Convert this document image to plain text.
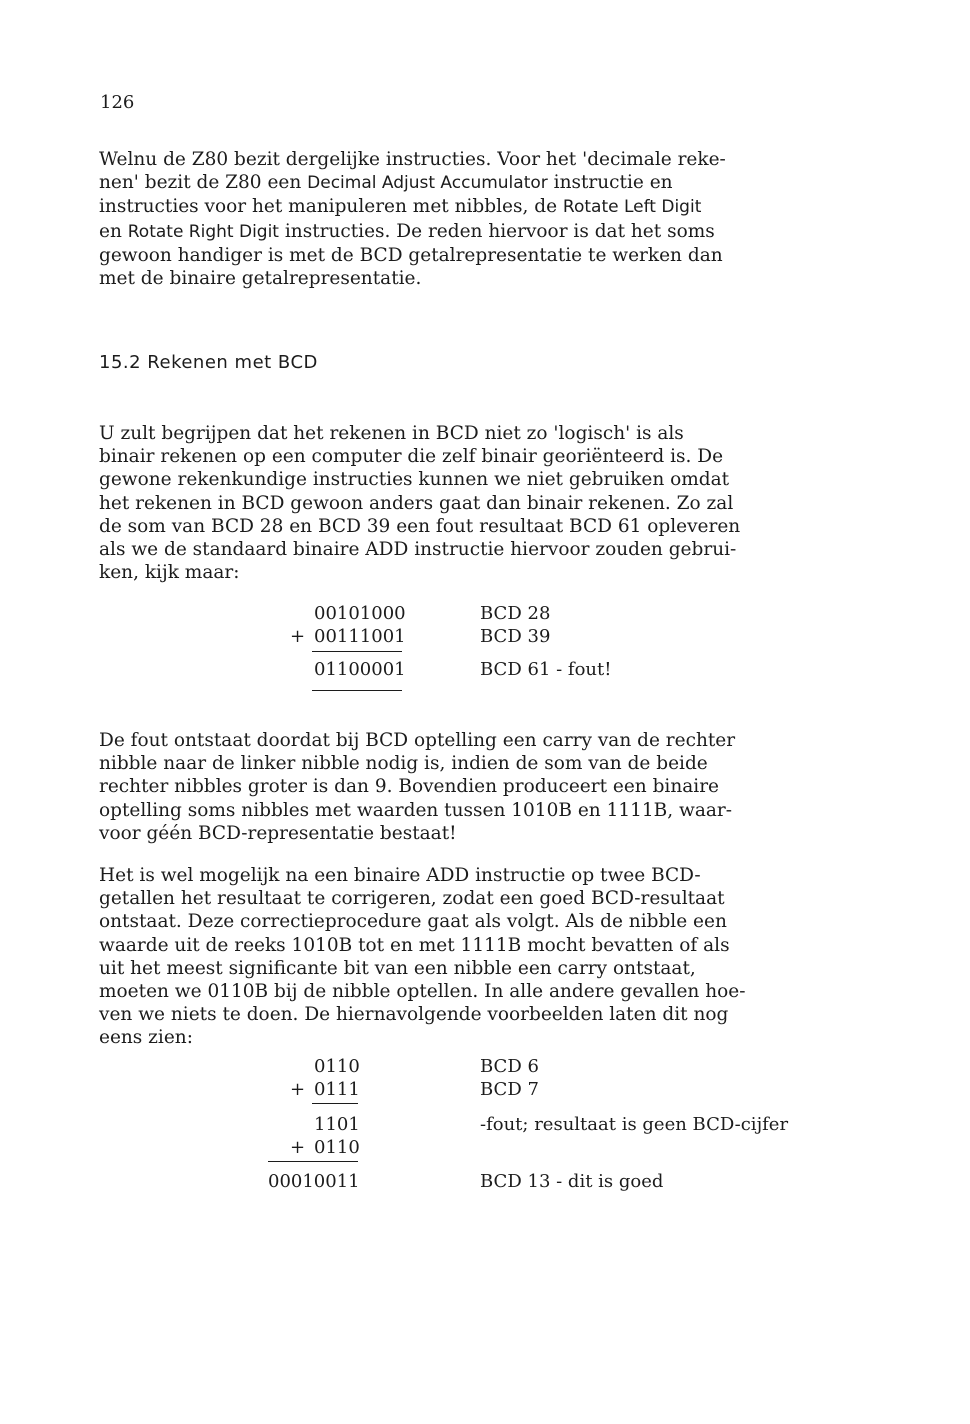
126
Welnu de Z80 bezit dergelijke instructies. Voor het 'decimale reke-
nen' bezit de Z80 een Decimal Adjust Accumulator instructie en
instructies voor het manipuleren met nibbles, de Rotate Left Digit
en Rotate Right Digit instructies. De reden hiervoor is dat het soms
gewoon handiger is met de BCD getalrepresentatie te werken dan
met de binaire getalrepresentatie.
15.2 Rekenen met BCD
U zult begrijpen dat het rekenen in BCD niet zo 'logisch' is als
binair rekenen op een computer die zelf binair georiënteerd is. De
gewone rekenkundige instructies kunnen we niet gebruiken omdat
het rekenen in BCD gewoon anders gaat dan binair rekenen. Zo zal
de som van BCD 28 en BCD 39 een fout resultaat BCD 61 opleveren
als we de standaard binaire ADD instructie hiervoor zouden gebrui-
ken, kijk maar:
00101000	BCD 28
+ 00111001	BCD 39
01100001	BCD 61 - fout!
De fout ontstaat doordat bij BCD optelling een carry van de rechter
nibble naar de linker nibble nodig is, indien de som van de beide
rechter nibbles groter is dan 9. Bovendien produceert een binaire
optelling soms nibbles met waarden tussen 1010B en 1111B, waar-
voor géén BCD-representatie bestaat!
Het is wel mogelijk na een binaire ADD instructie op twee BCD-
getallen het resultaat te corrigeren, zodat een goed BCD-resultaat
ontstaat. Deze correctieprocedure gaat als volgt. Als de nibble een
waarde uit de reeks 1010B tot en met 1111B mocht bevatten of als
uit het meest significante bit van een nibble een carry ontstaat,
moeten we 0110B bij de nibble optellen. In alle andere gevallen hoe-
ven we niets te doen. De hiernavolgende voorbeelden laten dit nog
eens zien:
0110	BCD 6
+ 0111	BCD 7
1101	-fout; resultaat is geen BCD-cijfer
+ 0110
00010011	BCD 13 - dit is goed
